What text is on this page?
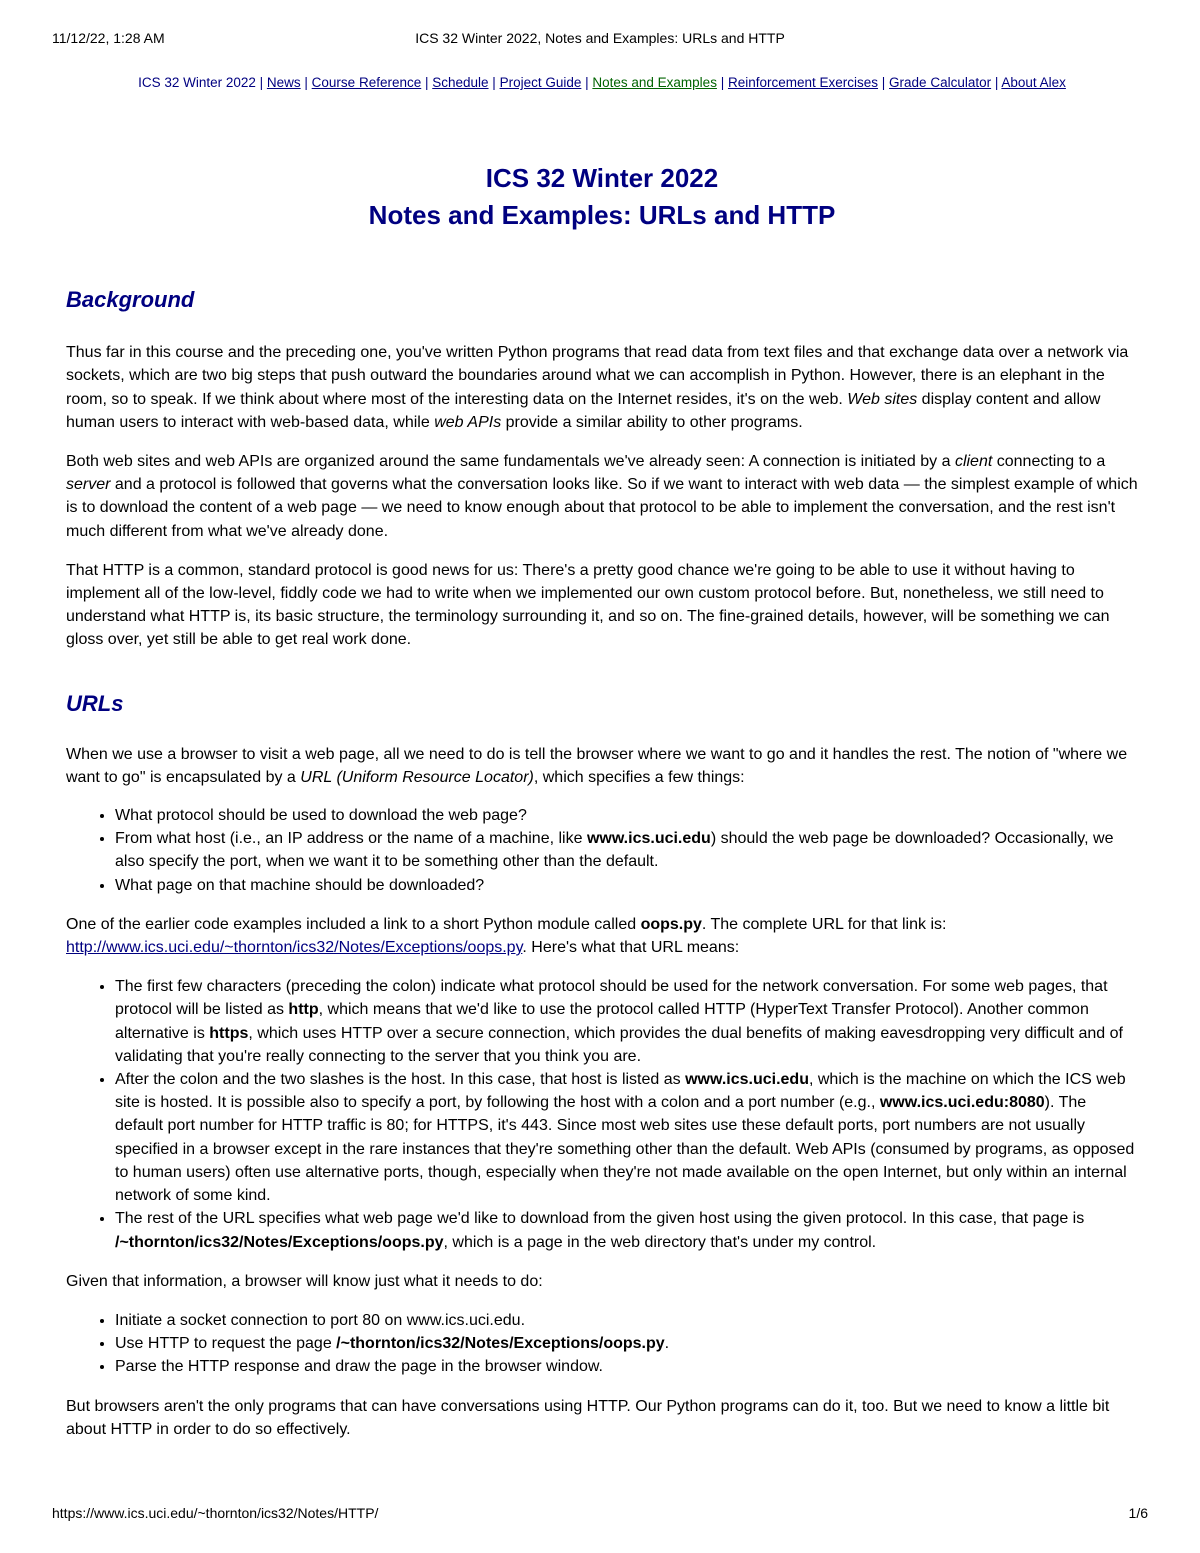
11/12/22, 1:28 AM	ICS 32 Winter 2022, Notes and Examples: URLs and HTTP

ICS 32 Winter 2022 | News | Course Reference | Schedule | Project Guide | Notes and Examples | Reinforcement Exercises | Grade Calculator | About Alex

ICS 32 Winter 2022
Notes and Examples: URLs and HTTP
Background

Thus far in this course and the preceding one, you've written Python programs that read data from text files and that exchange data over a network via sockets, which are two big steps that push outward the boundaries around what we can accomplish in Python. However, there is an elephant in the room, so to speak. If we think about where most of the interesting data on the Internet resides, it's on the web. Web sites display content and allow human users to interact with web-based data, while web APIs provide a similar ability to other programs.

Both web sites and web APIs are organized around the same fundamentals we've already seen: A connection is initiated by a client connecting to a server and a protocol is followed that governs what the conversation looks like. So if we want to interact with web data — the simplest example of which is to download the content of a web page — we need to know enough about that protocol to be able to implement the conversation, and the rest isn't much different from what we've already done.

That HTTP is a common, standard protocol is good news for us: There's a pretty good chance we're going to be able to use it without having to implement all of the low-level, fiddly code we had to write when we implemented our own custom protocol before. But, nonetheless, we still need to understand what HTTP is, its basic structure, the terminology surrounding it, and so on. The fine-grained details, however, will be something we can gloss over, yet still be able to get real work done.

URLs

When we use a browser to visit a web page, all we need to do is tell the browser where we want to go and it handles the rest. The notion of "where we want to go" is encapsulated by a URL (Uniform Resource Locator), which specifies a few things:

• What protocol should be used to download the web page?
• From what host (i.e., an IP address or the name of a machine, like www.ics.uci.edu) should the web page be downloaded? Occasionally, we also specify the port, when we want it to be something other than the default.
• What page on that machine should be downloaded?

One of the earlier code examples included a link to a short Python module called oops.py. The complete URL for that link is: http://www.ics.uci.edu/~thornton/ics32/Notes/Exceptions/oops.py. Here's what that URL means:

• The first few characters (preceding the colon) indicate what protocol should be used for the network conversation. For some web pages, that protocol will be listed as http, which means that we'd like to use the protocol called HTTP (HyperText Transfer Protocol). Another common alternative is https, which uses HTTP over a secure connection, which provides the dual benefits of making eavesdropping very difficult and of validating that you're really connecting to the server that you think you are.
• After the colon and the two slashes is the host. In this case, that host is listed as www.ics.uci.edu, which is the machine on which the ICS web site is hosted. It is possible also to specify a port, by following the host with a colon and a port number (e.g., www.ics.uci.edu:8080). The default port number for HTTP traffic is 80; for HTTPS, it's 443. Since most web sites use these default ports, port numbers are not usually specified in a browser except in the rare instances that they're something other than the default. Web APIs (consumed by programs, as opposed to human users) often use alternative ports, though, especially when they're not made available on the open Internet, but only within an internal network of some kind.
• The rest of the URL specifies what web page we'd like to download from the given host using the given protocol. In this case, that page is /~thornton/ics32/Notes/Exceptions/oops.py, which is a page in the web directory that's under my control.

Given that information, a browser will know just what it needs to do:

• Initiate a socket connection to port 80 on www.ics.uci.edu.
• Use HTTP to request the page /~thornton/ics32/Notes/Exceptions/oops.py.
• Parse the HTTP response and draw the page in the browser window.

But browsers aren't the only programs that can have conversations using HTTP. Our Python programs can do it, too. But we need to know a little bit about HTTP in order to do so effectively.

https://www.ics.uci.edu/~thornton/ics32/Notes/HTTP/	1/6
